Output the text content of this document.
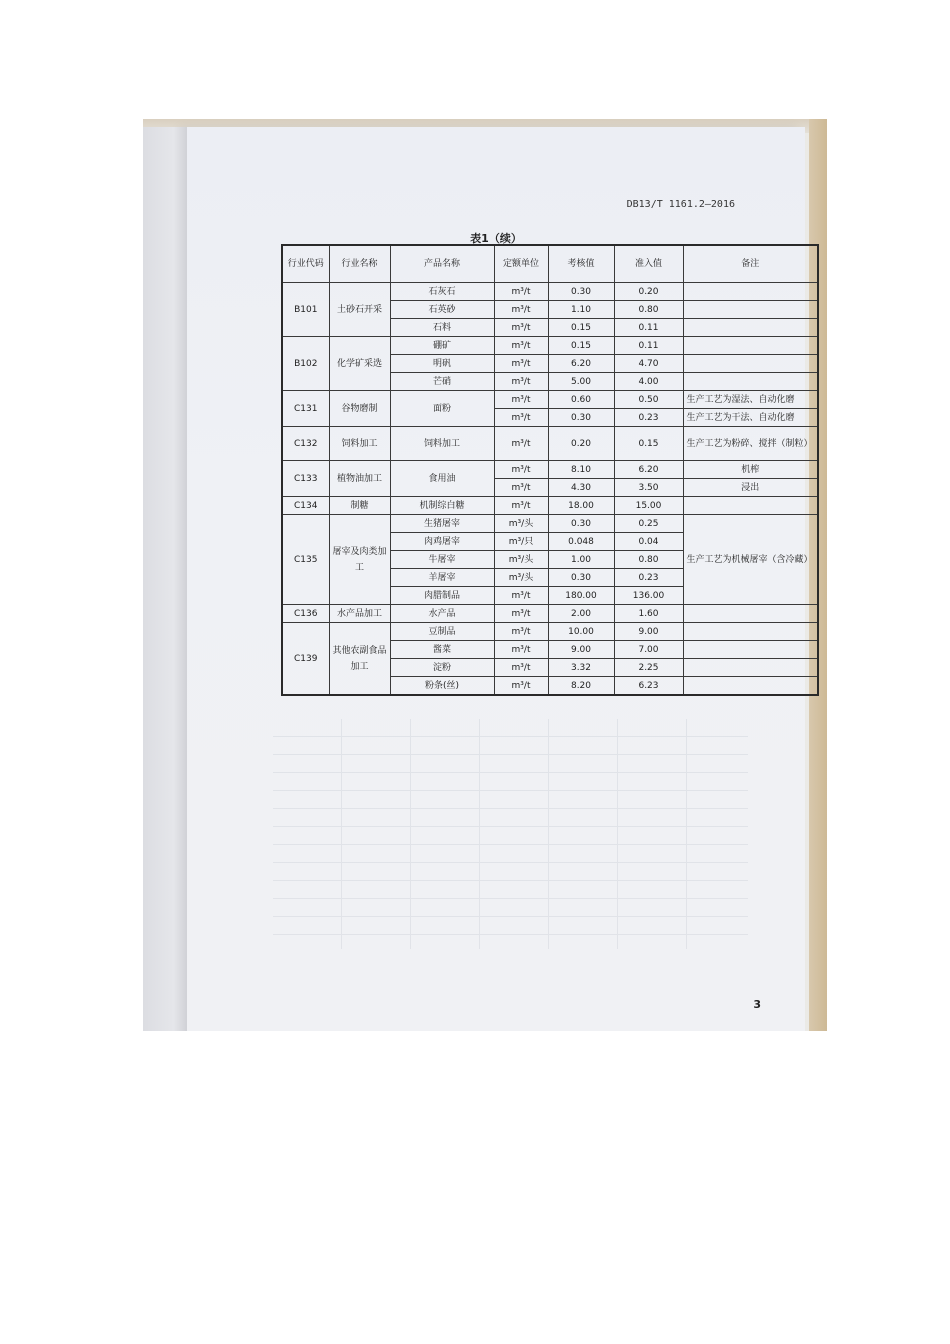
DB13/T 1161.2—2016
表1（续）
行业代码	行业名称	产品名称	定额单位	考核值	准入值	备注
B101	土砂石开采	石灰石	m³/t	0.30	0.20	
		石英砂	m³/t	1.10	0.80	
		石料	m³/t	0.15	0.11	
B102	化学矿采选	硼矿	m³/t	0.15	0.11	
		明矾	m³/t	6.20	4.70	
		芒硝	m³/t	5.00	4.00	
C131	谷物磨制	面粉	m³/t	0.60	0.50	生产工艺为湿法、自动化磨
			m³/t	0.30	0.23	生产工艺为干法、自动化磨
C132	饲料加工	饲料加工	m³/t	0.20	0.15	生产工艺为粉碎、搅拌（制粒）
C133	植物油加工	食用油	m³/t	8.10	6.20	机榨
			m³/t	4.30	3.50	浸出
C134	制糖	机制综白糖	m³/t	18.00	15.00	
C135	屠宰及肉类加工	生猪屠宰	m³/头	0.30	0.25	生产工艺为机械屠宰（含冷藏）
		肉鸡屠宰	m³/只	0.048	0.04	
		牛屠宰	m³/头	1.00	0.80	
		羊屠宰	m³/头	0.30	0.23	
		肉腊制品	m³/t	180.00	136.00	
C136	水产品加工	水产品	m³/t	2.00	1.60	
C139	其他农副食品加工	豆制品	m³/t	10.00	9.00	
		酱菜	m³/t	9.00	7.00	
		淀粉	m³/t	3.32	2.25	
		粉条(丝)	m³/t	8.20	6.23	
3
